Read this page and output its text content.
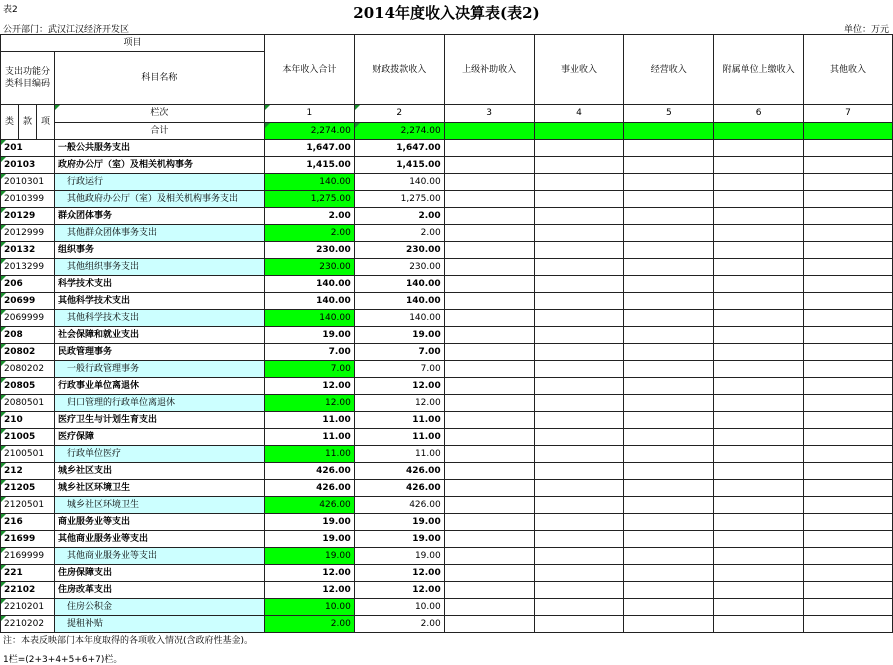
表2	2014年度收入决算表(表2)
公开部门：武汉江汉经济开发区	单位：万元
项目				本年收入合计	财政拨款收入	上级补助收入	事业收入	经营收入	附属单位上缴收入	其他收入
支出功能分类科目编码			科目名称							
类	款	项	栏次	1	2	3	4	5	6	7
			合计	2,274.00	2,274.00					
201			一般公共服务支出	1,647.00	1,647.00					
20103			政府办公厅（室）及相关机构事务	1,415.00	1,415.00					
2010301			行政运行	140.00	140.00					
2010399			其他政府办公厅（室）及相关机构事务支出	1,275.00	1,275.00					
20129			群众团体事务	2.00	2.00					
2012999			其他群众团体事务支出	2.00	2.00					
20132			组织事务	230.00	230.00					
2013299			其他组织事务支出	230.00	230.00					
206			科学技术支出	140.00	140.00					
20699			其他科学技术支出	140.00	140.00					
2069999			其他科学技术支出	140.00	140.00					
208			社会保障和就业支出	19.00	19.00					
20802			民政管理事务	7.00	7.00					
2080202			一般行政管理事务	7.00	7.00					
20805			行政事业单位离退休	12.00	12.00					
2080501			归口管理的行政单位离退休	12.00	12.00					
210			医疗卫生与计划生育支出	11.00	11.00					
21005			医疗保障	11.00	11.00					
2100501			行政单位医疗	11.00	11.00					
212			城乡社区支出	426.00	426.00					
21205			城乡社区环境卫生	426.00	426.00					
2120501			城乡社区环境卫生	426.00	426.00					
216			商业服务业等支出	19.00	19.00					
21699			其他商业服务业等支出	19.00	19.00					
2169999			其他商业服务业等支出	19.00	19.00					
221			住房保障支出	12.00	12.00					
22102			住房改革支出	12.00	12.00					
2210201			住房公积金	10.00	10.00					
2210202			提租补贴	2.00	2.00					
注：本表反映部门本年度取得的各项收入情况(含政府性基金)。
1栏=(2+3+4+5+6+7)栏。
